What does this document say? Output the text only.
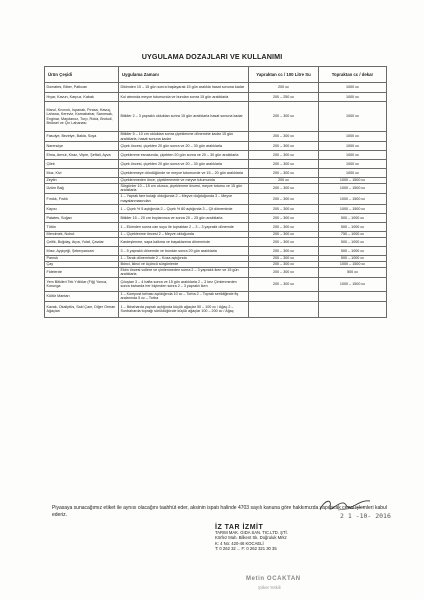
UYGULAMA DOZAJLARI VE KULLANIMI
Ürün Çeşidi	Uygulama Zamanı	Yapraktan cc / 100 Litre Su	Topraktan cc / dekar
Domates, Biber, Patlıcan	Dikimden 10 – 15 gün sonra başlayarak 15 gün aralıkla hasat sonuna kadar	200 cc	1000 cc
Hıyar, Kavun, Karpuz, Kabak	Kol atmında meyve tutumunda ve bundan sonra 15 gün aralıklarla	200 – 250 cc	1000 cc
Marul, Kıvırcık, Ispanak, Pırasa, Havuç, Lahana, Kereviz, Karnabahar, Sarımsak, Enginar, Maydanoz, Turp, Roka, Brokoli, Brüksel ve Çin Lahanası	Bitkiler 2 – 3 yapraklı olduktan sonra 15 gün aralıklarla hasat sonuna kadar	200 – 300 cc	1000 cc
Fasulye, Bezelye, Bakla, Soya	Bitkiler 5 – 10 cm olduktan sonra çiçeklenme dönemine kadar 15 gün aralıklarla, hasat sonuna kadar	200 – 300 cc	1000 cc
Narenciye	Çiçek öncesi, çiçekten 20 gün sonra ve 20 – 30 gün aralıklarla	200 – 300 cc	1000 cc
Elma, Armut, Kiraz, Vişne, Şeftali, Ayva	Çiçeklenme esnasında, çiçekten 20 gün sonra ve 20 – 30 gün aralıklarla	200 – 300 cc	1000 cc
Çilek	Çiçek öncesi, çiçekten 20 gün sonra ve 20 – 30 gün aralıklarla	200 – 300 cc	1000 cc
Muz, Kivi	Çiçeklenmeye döndüğünde ve meyve tutumunde ve 15 – 20 gün aralıklarla	200 – 300 cc	1000 cc
Zeytin	Çiçeklenmeden önce, çiçeklenmede ve meyve tutumunda	200 cc	1000 – 1500 cc
Üzüm Bağ	Sürgünler 10 – 15 cm olunca, çiçeklenme öncesi, meyve tutumu ve 15 gün aralıklarla	200 – 300 cc	1000 – 1500 cc
Fındık, Fıstık	1 – Yaprak fare kulağı olduğunda 2 – Meyve doğduğunda 3 – Meyve mayalanmasından	200 – 300 cc	1000 – 1500 cc
Kayısı	1 – Çiçek % 5 açtığında 2 – Çiçek % 80 açtığında 3 – Çit döneminde	200 – 300 cc	1000 – 1500 cc
Patates, Soğan	Bitkiler 15 – 20 cm boylanınca ve sonra 20 – 25 gün aralıklarla	200 – 300 cc	500 – 1000 cc
Tütün	1 – Ekimden sonra can suyu ile topraktan 2 – 3 – 3 yapraklı dönemde	200 – 300 cc	500 – 1000 cc
Mercimek, Nohut	1 – Çiçeklenme öncesi 2 – Meyve olduğunda	200 – 300 cc	750 – 1000 cc
Çeltik, Buğday, Arpa, Yulaf, Çavdar	Kardeşlenme, sapa kalkma ve başaklanma döneminde	200 – 300 cc	500 – 1000 cc
Mısır, Ayçiçeği, Şekerpancarı	3 – 5 yapraklı dönemde ve bundan sonra 20 gün aralıklarla	200 – 300 cc	500 – 1000 cc
Pamuk	1 – Tarak döneminde 2 – Koza açtığında	200 – 300 cc	500 – 1000 cc
Çay	İlkinci, ikinci ve üçüncü sürgünlerde	200 – 300 cc	1000 – 1500 cc
Fidelerde	Ekim öncesi vollere ve çimlenmeden sonra 2 – 3 yapraklı iken ve 15 gün aralıklarla	200 – 300 cc	500 cc
Yem Bitkileri Tek Yıllıklar (Fiğ) Yonca, Korunga	Çıkıştan 3 – 4 hafta sonra ve 15 gün aralıklarla 2 – 3 kez Çimlenmeden sonra baharda her biçimden sonra 2 – 3 yapraklı iken	200 – 300 cc	1000 – 1500 cc
Kültür Mantarı	1 – Kompost torbası açıldığında 10 cc – Torba 2 – Toprak serildiğinde fiş aralarında 5 cc – Torba		
Kavak, Okaliptüs, Salıl Çam, Diğer Orman Ağaçları	1 – İlkbaharda yaprak açtığında küçük ağaçlar 50 – 100 cc / Ağaç 2 – Sonbaharda toprağı sürüldüğünde küçük ağaçlar 100 – 200 cc / Ağaç		

Piyasaya sunacağımız etiket ile aynısı olacağını taahhüt eder, aksinin ispatı halinde 4703 sayılı kanuna göre hakkımızda yapılacak cezai işlemleri kabul ederiz.	2 1 -10- 2016
İZ TAR İZMİT
TARIM MAK. GIDA SAN. TIC.LTD. ŞTİ.
Körfez Mah. Bilkent Sk. Doğruluk Mrkz
K: 4 No: 420-46 KOCAELİ
T: 0 262 32 ... F: 0 262 321 30 35
Metin OCAKTAN
Şirket Yetkili
